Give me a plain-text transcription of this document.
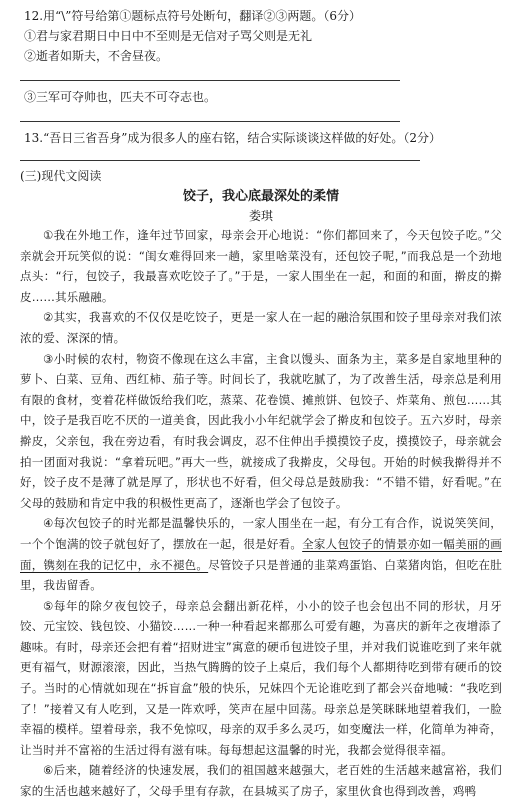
12.用“\”符号给第①题标点符号处断句，翻译②③两题。（6分）
①君与家君期日中日中不至则是无信对子骂父则是无礼
②逝者如斯夫，不舍昼夜。
③三军可夺帅也，匹夫不可夺志也。
13.“吾日三省吾身”成为很多人的座右铭，结合实际谈谈这样做的好处。（2分）
(三)现代文阅读
饺子，我心底最深处的柔情
娄琪

①我在外地工作，逢年过节回家，母亲会开心地说：“你们都回来了，今天包饺子吃。”父亲就会开玩笑似的说：“闺女难得回来一趟，家里啥菜没有，还包饺子呢，”而我总是一个劲地点头：“行，包饺子，我最喜欢吃饺子了。”于是，一家人围坐在一起，和面的和面，擀皮的擀皮……其乐融融。

②其实，我喜欢的不仅仅是吃饺子，更是一家人在一起的融洽氛围和饺子里母亲对我们浓浓的爱、深深的情。

③小时候的农村，物资不像现在这么丰富，主食以馒头、面条为主，菜多是自家地里种的萝卜、白菜、豆角、西红柿、茄子等。时间长了，我就吃腻了，为了改善生活，母亲总是利用有限的食材，变着花样做饭给我们吃，蒸菜、花卷馍、摊煎饼、包饺子、炸菜角、煎包……其中，饺子是我百吃不厌的一道美食，因此我小小年纪就学会了擀皮和包饺子。五六岁时，母亲擀皮，父亲包，我在旁边看，有时我会调皮，忍不住伸出手摸摸饺子皮，摸摸饺子，母亲就会拍一团面对我说：“拿着玩吧。”再大一些，就接成了我擀皮，父母包。开始的时候我擀得并不好，饺子皮不是薄了就是厚了，形状也不好看，但父母总是鼓励我：“不错不错，好看呢。”在父母的鼓励和肯定中我的积极性更高了，逐渐也学会了包饺子。

④每次包饺子的时光都是温馨快乐的，一家人围坐在一起，有分工有合作，说说笑笑间，一个个饱满的饺子就包好了，摆放在一起，很是好看。全家人包饺子的情景亦如一幅美丽的画面，镌刻在我的记忆中，永不褪色。尽管饺子只是普通的韭菜鸡蛋馅、白菜猪肉馅，但吃在肚里，我齿留香。

⑤每年的除夕夜包饺子，母亲总会翻出新花样，小小的饺子也会包出不同的形状，月牙饺、元宝饺、钱包饺、小猫饺……一种一种看起来都那么可爱有趣，为喜庆的新年之夜增添了趣味。有时，母亲还会把有着“招财进宝”寓意的硬币包进饺子里，并对我们说谁吃到了来年就更有福气，财源滚滚，因此，当热气腾腾的饺子上桌后，我们每个人都期待吃到带有硬币的饺子。当时的心情就如现在“拆盲盒”般的快乐，兄妹四个无论谁吃到了都会兴奋地喊：“我吃到了！”接着又有人吃到，又是一阵欢呼，笑声在屋中回荡。母亲总是笑眯眯地望着我们，一脸幸福的模样。望着母亲，我不免惊叹，母亲的双手多么灵巧，如变魔法一样，化简单为神奇，让当时并不富裕的生活过得有滋有味。每每想起这温馨的时光，我都会觉得很幸福。

⑥后来，随着经济的快速发展，我们的祖国越来越强大，老百姓的生活越来越富裕，我们家的生活也越来越好了，父母手里有存款，在县城买了房子，家里伙食也得到改善，鸡鸭
